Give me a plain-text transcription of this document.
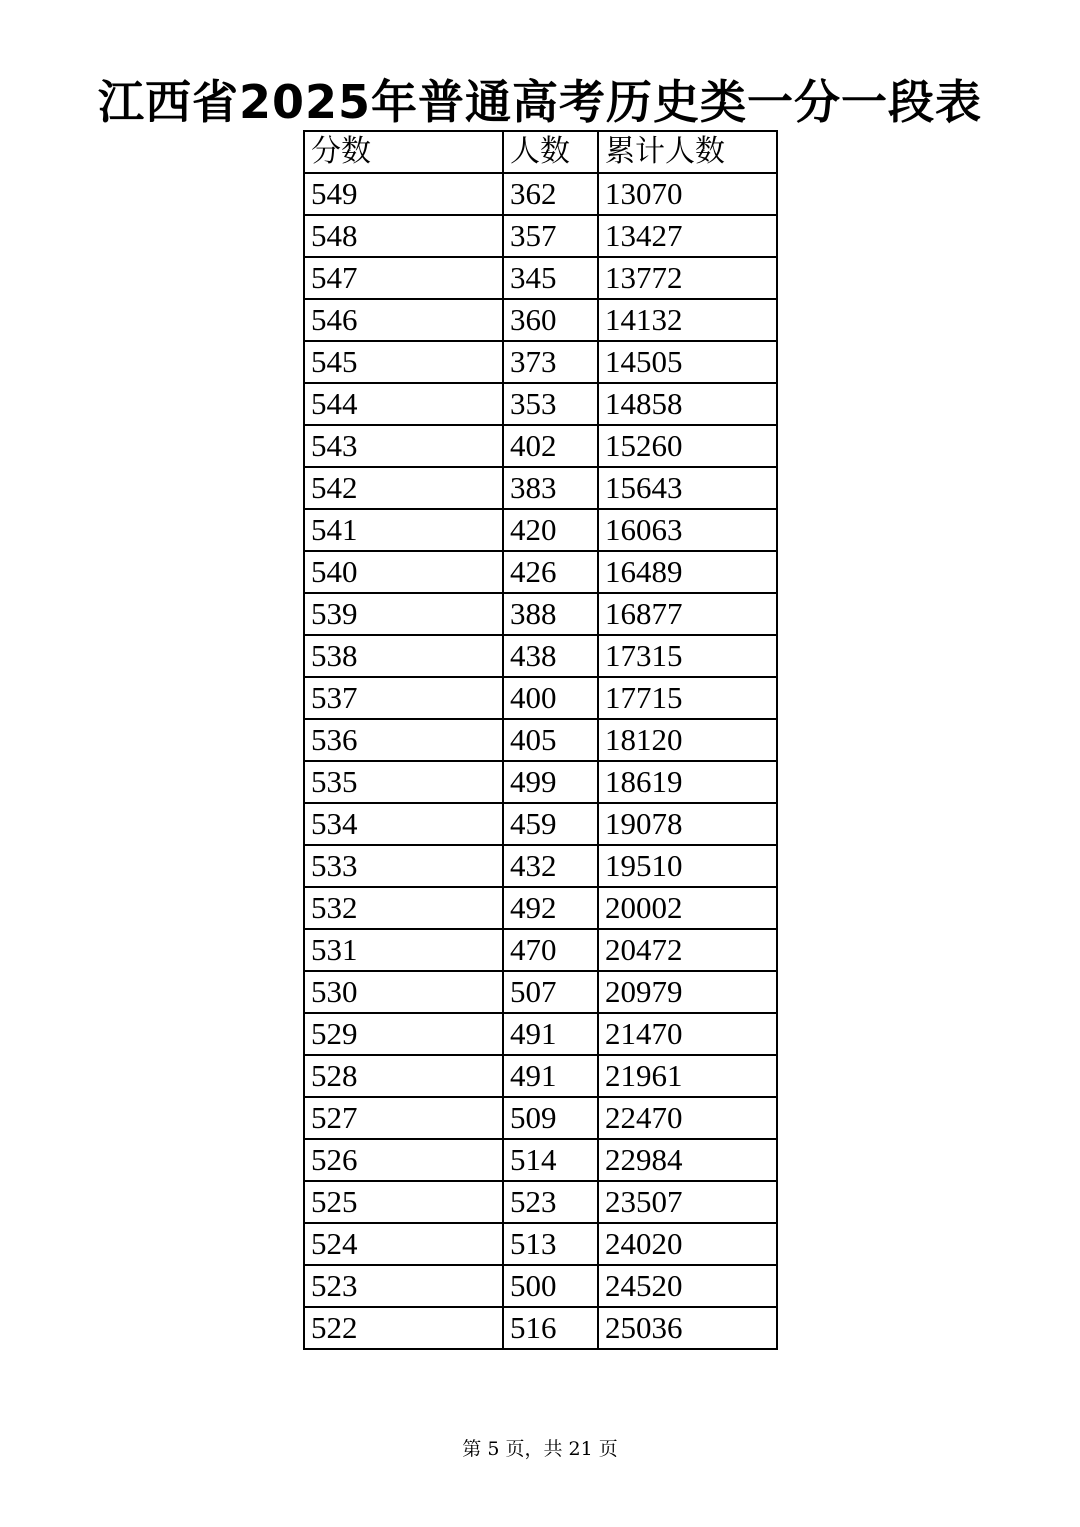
江西省2025年普通高考历史类一分一段表
分数	人数	累计人数
549	362	13070
548	357	13427
547	345	13772
546	360	14132
545	373	14505
544	353	14858
543	402	15260
542	383	15643
541	420	16063
540	426	16489
539	388	16877
538	438	17315
537	400	17715
536	405	18120
535	499	18619
534	459	19078
533	432	19510
532	492	20002
531	470	20472
530	507	20979
529	491	21470
528	491	21961
527	509	22470
526	514	22984
525	523	23507
524	513	24020
523	500	24520
522	516	25036
第 5 页，共 21 页
